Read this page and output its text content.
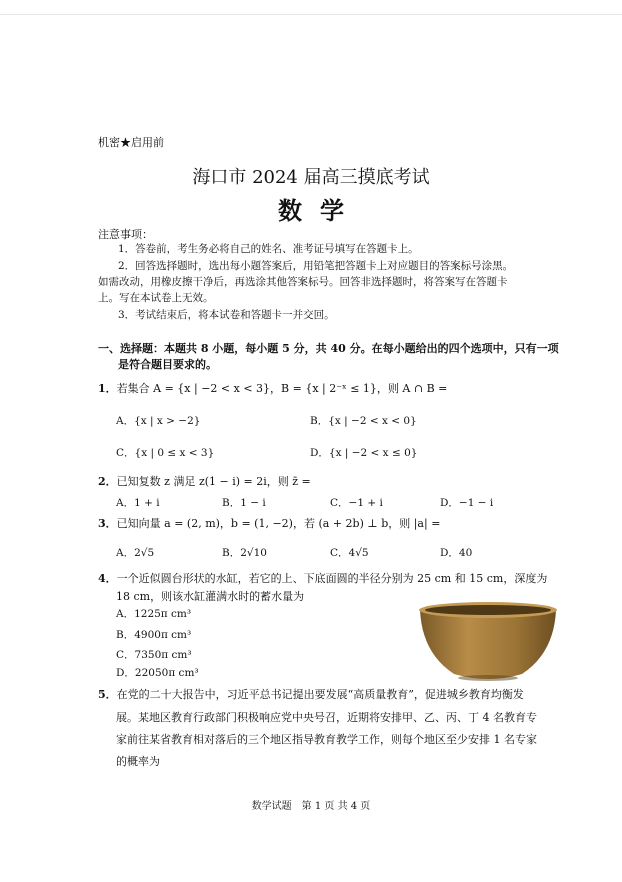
机密★启用前
海口市 2024 届高三摸底考试
数学
注意事项：
1．答卷前，考生务必将自己的姓名、准考证号填写在答题卡上。
2．回答选择题时，选出每小题答案后，用铅笔把答题卡上对应题目的答案标号涂黑。
如需改动，用橡皮擦干净后，再选涂其他答案标号。回答非选择题时，将答案写在答题卡
上。写在本试卷上无效。
3．考试结束后，将本试卷和答题卡一并交回。
一、选择题：本题共 8 小题，每小题 5 分，共 40 分。在每小题给出的四个选项中，只有一项
是符合题目要求的。
1．若集合 A = {x | −2 < x < 3}，B = {x | 2⁻ˣ ≤ 1}，则 A ∩ B =
A．{x | x > −2}	B．{x | −2 < x < 0}
C．{x | 0 ≤ x < 3}	D．{x | −2 < x ≤ 0}
2．已知复数 z 满足 z(1 − i) = 2i，则 z̄ =
A．1 + i	B．1 − i	C．−1 + i	D．−1 − i
3．已知向量 a = (2, m)，b = (1, −2)，若 (a + 2b) ⊥ b，则 |a| =
A．2√5	B．2√10	C．4√5	D．40
4．一个近似圆台形状的水缸，若它的上、下底面圆的半径分别为 25 cm 和 15 cm，深度为
18 cm，则该水缸灌满水时的蓄水量为
A．1225π cm³
B．4900π cm³
C．7350π cm³
D．22050π cm³
5．在党的二十大报告中，习近平总书记提出要发展“高质量教育”，促进城乡教育均衡发
展。某地区教育行政部门积极响应党中央号召，近期将安排甲、乙、丙、丁 4 名教育专
家前往某省教育相对落后的三个地区指导教育教学工作，则每个地区至少安排 1 名专家
的概率为
数学试题　第 1 页 共 4 页
